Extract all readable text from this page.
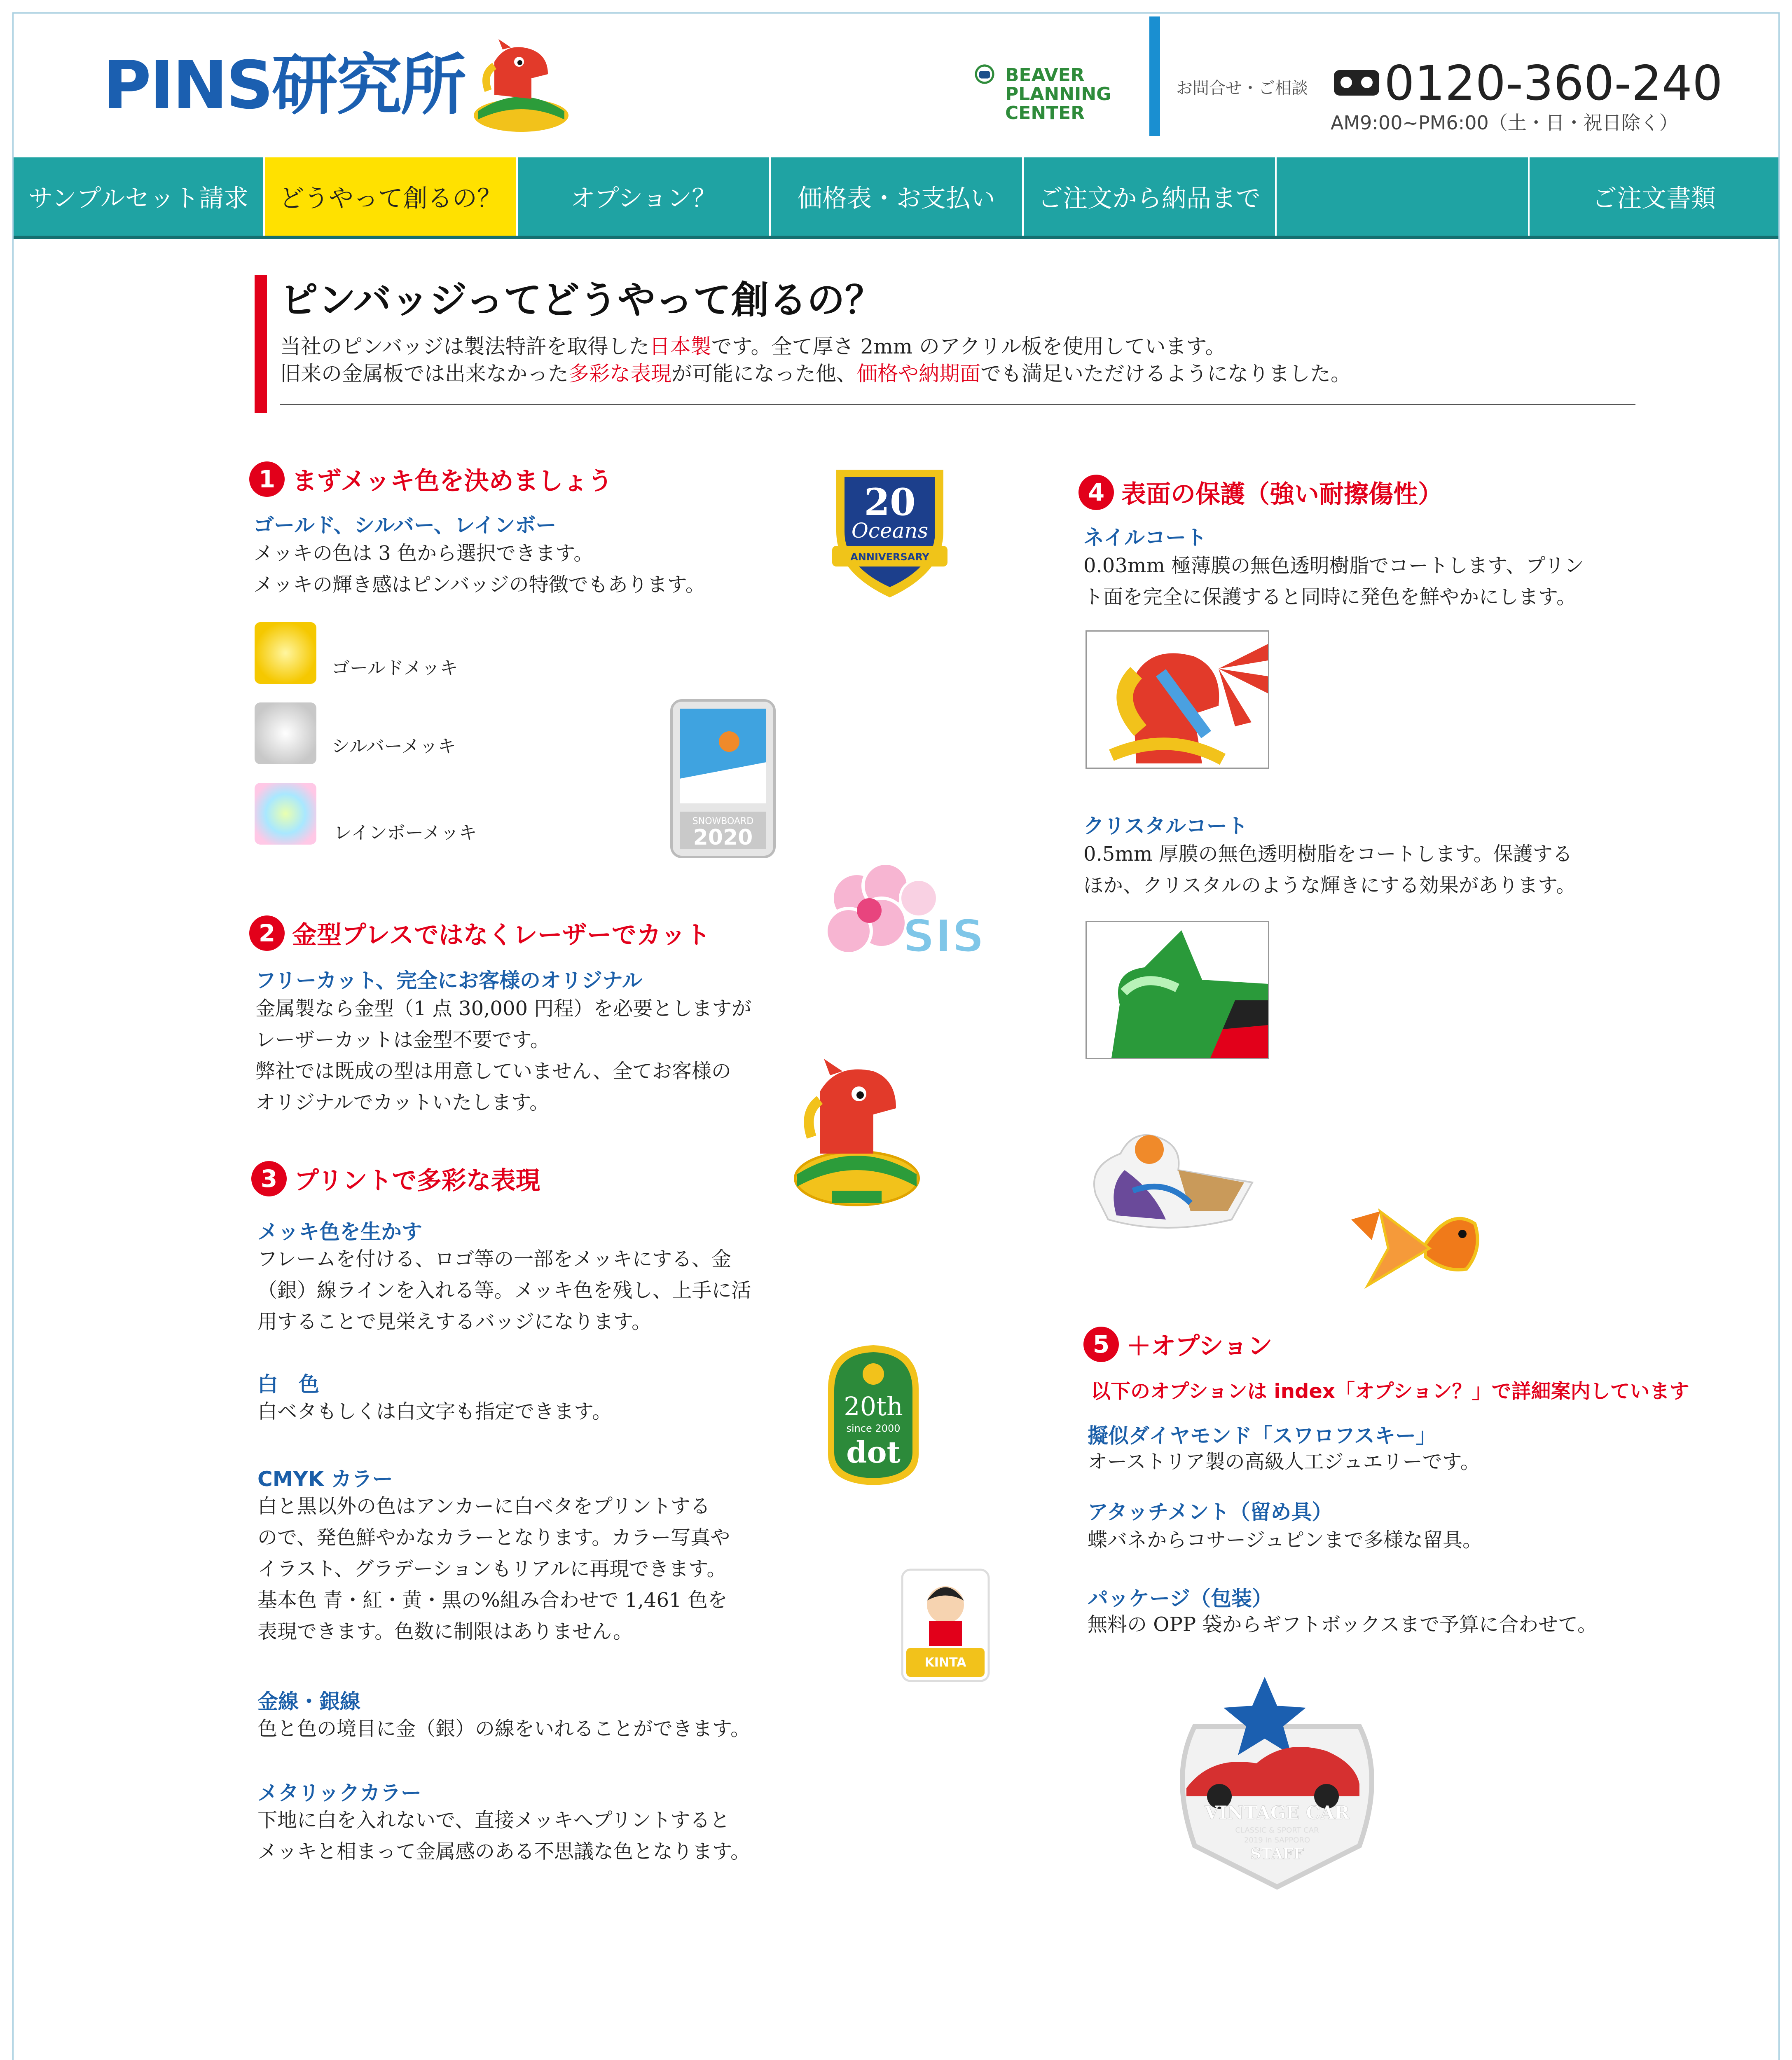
PINS研究所	BEAVER
PLANNING
CENTER
お問合せ・ご相談 0120-360-240
AM9:00~PM6:00（土・日・祝日除く）
サンプルセット請求	どうやって創るの？	オプション？	価格表・お支払い	ご注文から納品まで	ご注文書類
ピンバッジってどうやって創るの？
当社のピンバッジは製法特許を取得した日本製です。全て厚さ 2mm のアクリル板を使用しています。
旧来の金属板では出来なかった多彩な表現が可能になった他、価格や納期面でも満足いただけるようになりました。
1 まずメッキ色を決めましょう
ゴールド、シルバー、レインボー
メッキの色は 3 色から選択できます。
メッキの輝き感はピンバッジの特徴でもあります。
ゴールドメッキ
シルバーメッキ
レインボーメッキ
20
Oceans
ANNIVERSARY
SNOWBOARD
2020
SIS
2 金型プレスではなくレーザーでカット
フリーカット、完全にお客様のオリジナル
金属製なら金型（1 点 30,000 円程）を必要としますが
レーザーカットは金型不要です。
弊社では既成の型は用意していません、全てお客様の
オリジナルでカットいたします。
3 プリントで多彩な表現
メッキ色を生かす
フレームを付ける、ロゴ等の一部をメッキにする、金
（銀）線ラインを入れる等。メッキ色を残し、上手に活
用することで見栄えするバッジになります。
白　色
白ベタもしくは白文字も指定できます。
CMYK カラー
白と黒以外の色はアンカーに白ベタをプリントする
ので、発色鮮やかなカラーとなります。カラー写真や
イラスト、グラデーションもリアルに再現できます。
基本色 青・紅・黄・黒の%組み合わせで 1,461 色を
表現できます。色数に制限はありません。
金線・銀線
色と色の境目に金（銀）の線をいれることができます。
メタリックカラー
下地に白を入れないで、直接メッキへプリントすると
メッキと相まって金属感のある不思議な色となります。
20th
since 2000
dot
KINTA
4 表面の保護（強い耐擦傷性）
ネイルコート
0.03mm 極薄膜の無色透明樹脂でコートします、プリン
ト面を完全に保護すると同時に発色を鮮やかにします。
クリスタルコート
0.5mm 厚膜の無色透明樹脂をコートします。保護する
ほか、クリスタルのような輝きにする効果があります。
5 ＋オプション
以下のオプションは index「オプション？」で詳細案内しています
擬似ダイヤモンド「スワロフスキー」
オーストリア製の高級人工ジュエリーです。
アタッチメント（留め具）
蝶バネからコサージュピンまで多様な留具。
パッケージ（包装）
無料の OPP 袋からギフトボックスまで予算に合わせて。
VINTAGE CAR
CLASSIC & SPORT CAR
2019 in SAPPORO
STAFF
